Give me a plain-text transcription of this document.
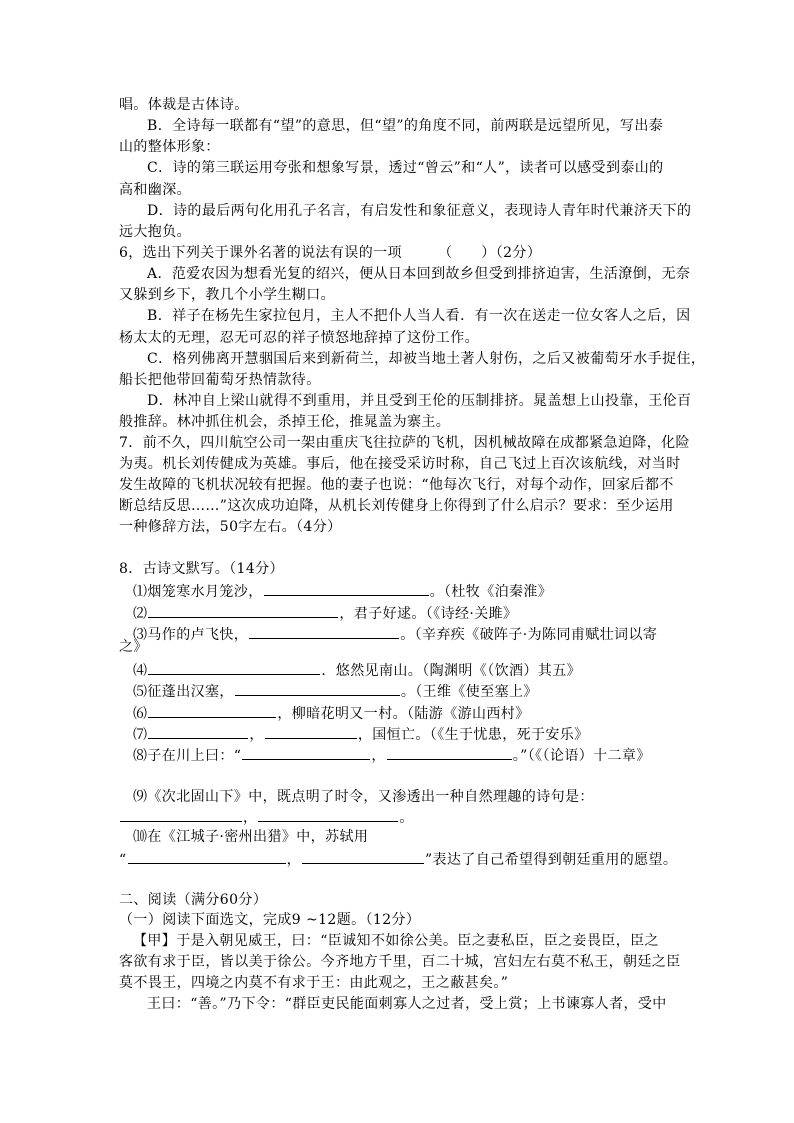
唱。体裁是古体诗。
B．全诗每一联都有“望”的意思，但“望”的角度不同，前两联是远望所见，写出泰
山的整体形象：
C．诗的第三联运用夸张和想象写景，透过“曾云”和“人”，读者可以感受到泰山的
高和幽深。
D．诗的最后两句化用孔子名言，有启发性和象征意义，表现诗人青年时代兼济天下的
远大抱负。
6，选出下列关于课外名著的说法有误的一项　　　（　　）（2分）
A．范爱农因为想看光复的绍兴，便从日本回到故乡但受到排挤迫害，生活潦倒，无奈
又躲到乡下，教几个小学生糊口。
B．祥子在杨先生家拉包月，主人不把仆人当人看．有一次在送走一位女客人之后，因
杨太太的无理，忍无可忍的祥子愤怒地辞掉了这份工作。
C．格列佛离开慧骃国后来到新荷兰，却被当地土著人射伤，之后又被葡萄牙水手捉住，
船长把他带回葡萄牙热情款待。
D．林冲自上梁山就得不到重用，并且受到王伦的压制排挤。晁盖想上山投靠，王伦百
般推辞。林冲抓住机会，杀掉王伦，推晁盖为寨主。
7．前不久，四川航空公司一架由重庆飞往拉萨的飞机，因机械故障在成都紧急迫降，化险
为夷。机长刘传健成为英雄。事后，他在接受采访时称，自己飞过上百次该航线，对当时
发生故障的飞机状况较有把握。他的妻子也说：“他每次飞行，对每个动作，回家后都不
断总结反思……”这次成功迫降，从机长刘传健身上你得到了什么启示？要求：至少运用
一种修辞方法，50字左右。（4分）
8．古诗文默写。（14分）
⑴烟笼寒水月笼沙，	。（杜牧《泊秦淮》
⑵	，君子好逑。（《诗经·关雎》
⑶马作的卢飞快，	。（辛弃疾《破阵子·为陈同甫赋壮词以寄
之》
⑷	．悠然见南山。（陶渊明《（饮酒）其五》
⑸征蓬出汉塞，	。（王维《使至塞上》
⑹	，柳暗花明又一村。（陆游《游山西村》
⑺	，	，国恒亡。（《生于忧患，死于安乐》
⑻子在川上曰：“	，	。”（《（论语）十二章》
⑼《次北固山下》中，既点明了时令，又渗透出一种自然理趣的诗句是：
，	。
⑽在《江城子·密州出猎》中，苏轼用
“	，	”表达了自己希望得到朝廷重用的愿望。
二、阅读（满分60分）
（一）阅读下面选文，完成9 ~12题。（12分）
【甲】于是入朝见威王，曰：“臣诚知不如徐公美。臣之妻私臣，臣之妾畏臣，臣之
客欲有求于臣，皆以美于徐公。今齐地方千里，百二十城，宫妇左右莫不私王，朝廷之臣
莫不畏王，四境之内莫不有求于王：由此观之，王之蔽甚矣。”
王曰：“善。”乃下令：“群臣吏民能面刺寡人之过者，受上赏；上书谏寡人者，受中
